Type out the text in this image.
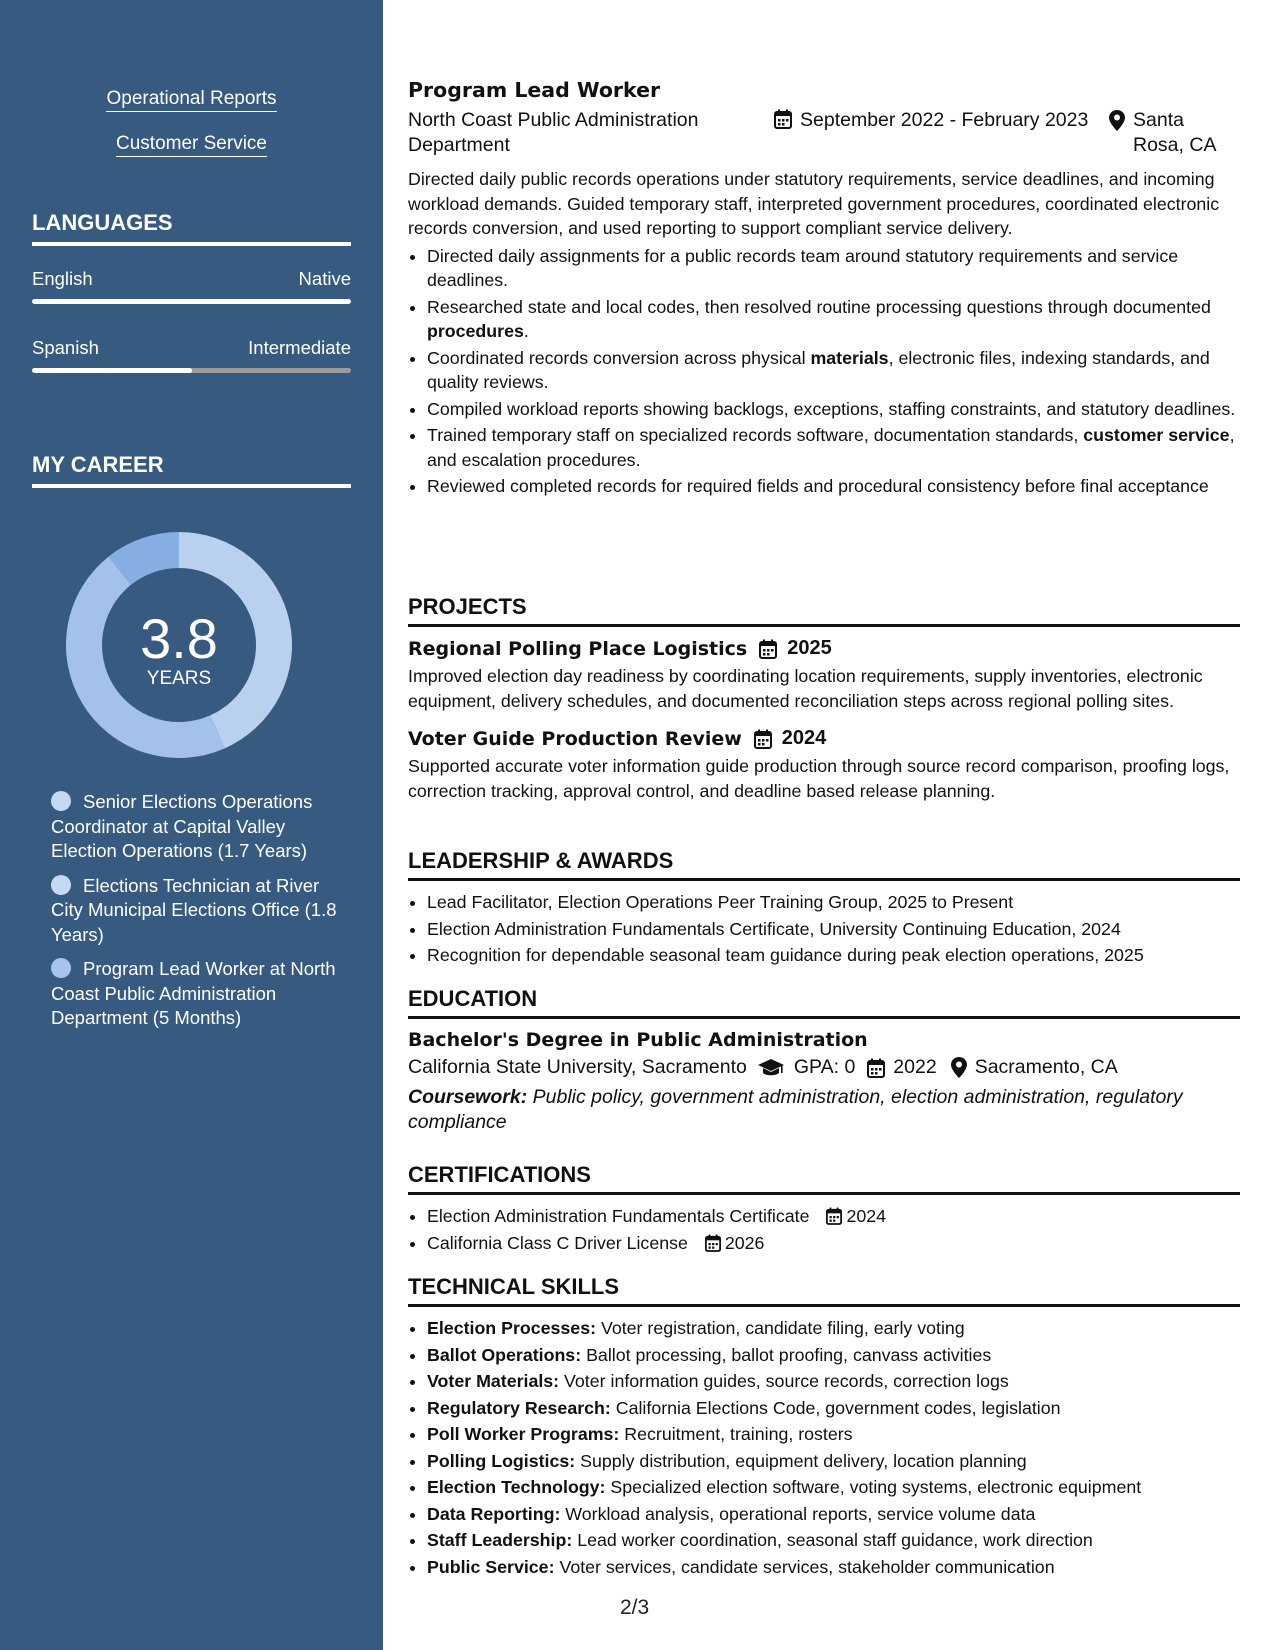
Operational Reports
Customer Service
LANGUAGES
English	Native
Spanish	Intermediate
MY CAREER
3.8
YEARS
Senior Elections Operations Coordinator at Capital Valley Election Operations (1.7 Years)
Elections Technician at River City Municipal Elections Office (1.8 Years)
Program Lead Worker at North Coast Public Administration Department (5 Months)
Program Lead Worker
North Coast Public Administration Department
September 2022 - February 2023	Santa Rosa, CA
Directed daily public records operations under statutory requirements, service deadlines, and incoming workload demands. Guided temporary staff, interpreted government procedures, coordinated electronic records conversion, and used reporting to support compliant service delivery.
• Directed daily assignments for a public records team around statutory requirements and service deadlines.
• Researched state and local codes, then resolved routine processing questions through documented procedures.
• Coordinated records conversion across physical materials, electronic files, indexing standards, and quality reviews.
• Compiled workload reports showing backlogs, exceptions, staffing constraints, and statutory deadlines.
• Trained temporary staff on specialized records software, documentation standards, customer service, and escalation procedures.
• Reviewed completed records for required fields and procedural consistency before final acceptance
PROJECTS
Regional Polling Place Logistics 2025
Improved election day readiness by coordinating location requirements, supply inventories, electronic equipment, delivery schedules, and documented reconciliation steps across regional polling sites.
Voter Guide Production Review 2024
Supported accurate voter information guide production through source record comparison, proofing logs, correction tracking, approval control, and deadline based release planning.
LEADERSHIP & AWARDS
• Lead Facilitator, Election Operations Peer Training Group, 2025 to Present
• Election Administration Fundamentals Certificate, University Continuing Education, 2024
• Recognition for dependable seasonal team guidance during peak election operations, 2025
EDUCATION
Bachelor's Degree in Public Administration
California State University, Sacramento GPA: 0 2022 Sacramento, CA
Coursework: Public policy, government administration, election administration, regulatory compliance
CERTIFICATIONS
• Election Administration Fundamentals Certificate 2024
• California Class C Driver License 2026
TECHNICAL SKILLS
• Election Processes: Voter registration, candidate filing, early voting
• Ballot Operations: Ballot processing, ballot proofing, canvass activities
• Voter Materials: Voter information guides, source records, correction logs
• Regulatory Research: California Elections Code, government codes, legislation
• Poll Worker Programs: Recruitment, training, rosters
• Polling Logistics: Supply distribution, equipment delivery, location planning
• Election Technology: Specialized election software, voting systems, electronic equipment
• Data Reporting: Workload analysis, operational reports, service volume data
• Staff Leadership: Lead worker coordination, seasonal staff guidance, work direction
• Public Service: Voter services, candidate services, stakeholder communication
2/3
